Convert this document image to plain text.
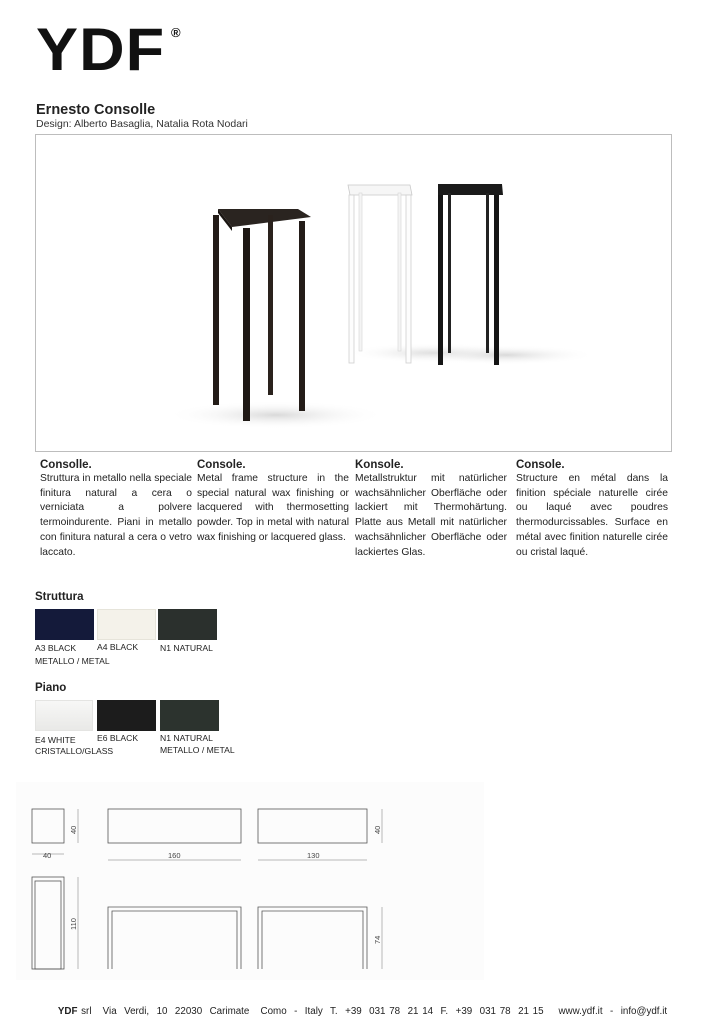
YDF ®
Ernesto Consolle
Design: Alberto Basaglia, Natalia Rota Nodari
Consolle.

Struttura in metallo nella speciale finitura natural a cera o verniciata a polvere termoindurente. Piani in metallo con finitura natural a cera o vetro laccato.

Console.

Metal frame structure in the special natural wax finishing or lacquered with thermosetting powder. Top in metal with natural wax finishing or lacquered glass.

Konsole.

Metallstruktur mit natürlicher wachsähnlicher Oberfläche oder lackiert mit Thermohärtung. Platte aus Metall mit natürlicher wachsähnlicher Oberfläche oder lackiertes Glas.

Console.

Structure en métal dans la finition spéciale naturelle cirée ou laqué avec poudres thermodurcissables. Surface en métal avec finition naturelle cirée ou cristal laqué.

Struttura
A3 BLACK A4 BLACK	N1 NATURAL
METALLO / METAL
Piano
E4 WHITE E6 BLACK	N1 NATURAL
CRISTALLO/GLASS	METALLO / METAL
40	160	130
40	40
110
74
YDF srl   Via  Verdi,  10  22030  Carimate   Como  -  Italy  T.  +39  031 78  21 14  F.  +39  031 78  21 15    www.ydf.it  -  info@ydf.it
